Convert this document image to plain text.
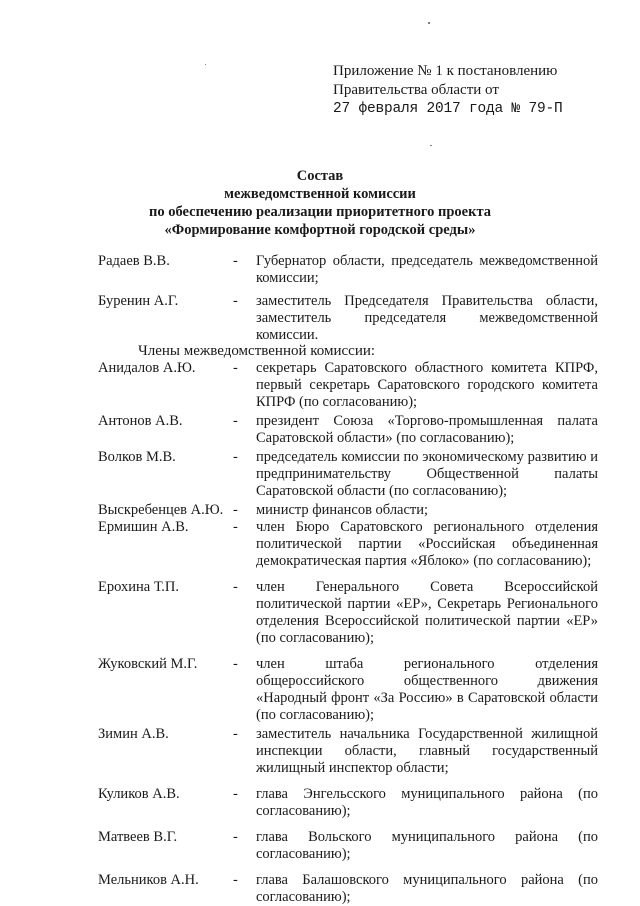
Приложение № 1 к постановлению
Правительства области от
27 февраля 2017 года № 79-П
Состав
межведомственной комиссии
по обеспечению реализации приоритетного проекта
«Формирование комфортной городской среды»
Радаев В.В.	-	Губернатор области, председатель межведомственной комиссии;
Буренин А.Г.	-	заместитель Председателя Правительства области, заместитель председателя межведомственной комиссии.
Члены межведомственной комиссии:
Анидалов А.Ю.	-	секретарь Саратовского областного комитета КПРФ, первый секретарь Саратовского городского комитета КПРФ (по согласованию);
Антонов А.В.	-	президент Союза «Торгово-промышленная палата Саратовской области» (по согласованию);
Волков М.В.	-	председатель комиссии по экономическому развитию и предпринимательству Общественной палаты Саратовской области (по согласованию);
Выскребенцев А.Ю. -	министр финансов области;
Ермишин А.В.	-	член Бюро Саратовского регионального отделения политической партии «Российская объединенная демократическая партия «Яблоко» (по согласованию);
Ерохина Т.П.	-	член Генерального Совета Всероссийской политической партии «ЕР», Секретарь Регионального отделения Всероссийской политической партии «ЕР» (по согласованию);
Жуковский М.Г.	-	член штаба регионального отделения общероссийского общественного движения «Народный фронт «За Россию» в Саратовской области (по согласованию);
Зимин А.В.	-	заместитель начальника Государственной жилищной инспекции области, главный государственный жилищный инспектор области;
Куликов А.В.	-	глава Энгельсского муниципального района (по согласованию);
Матвеев В.Г.	-	глава Вольского муниципального района (по согласованию);
Мельников А.Н.	-	глава Балашовского муниципального района (по согласованию);
